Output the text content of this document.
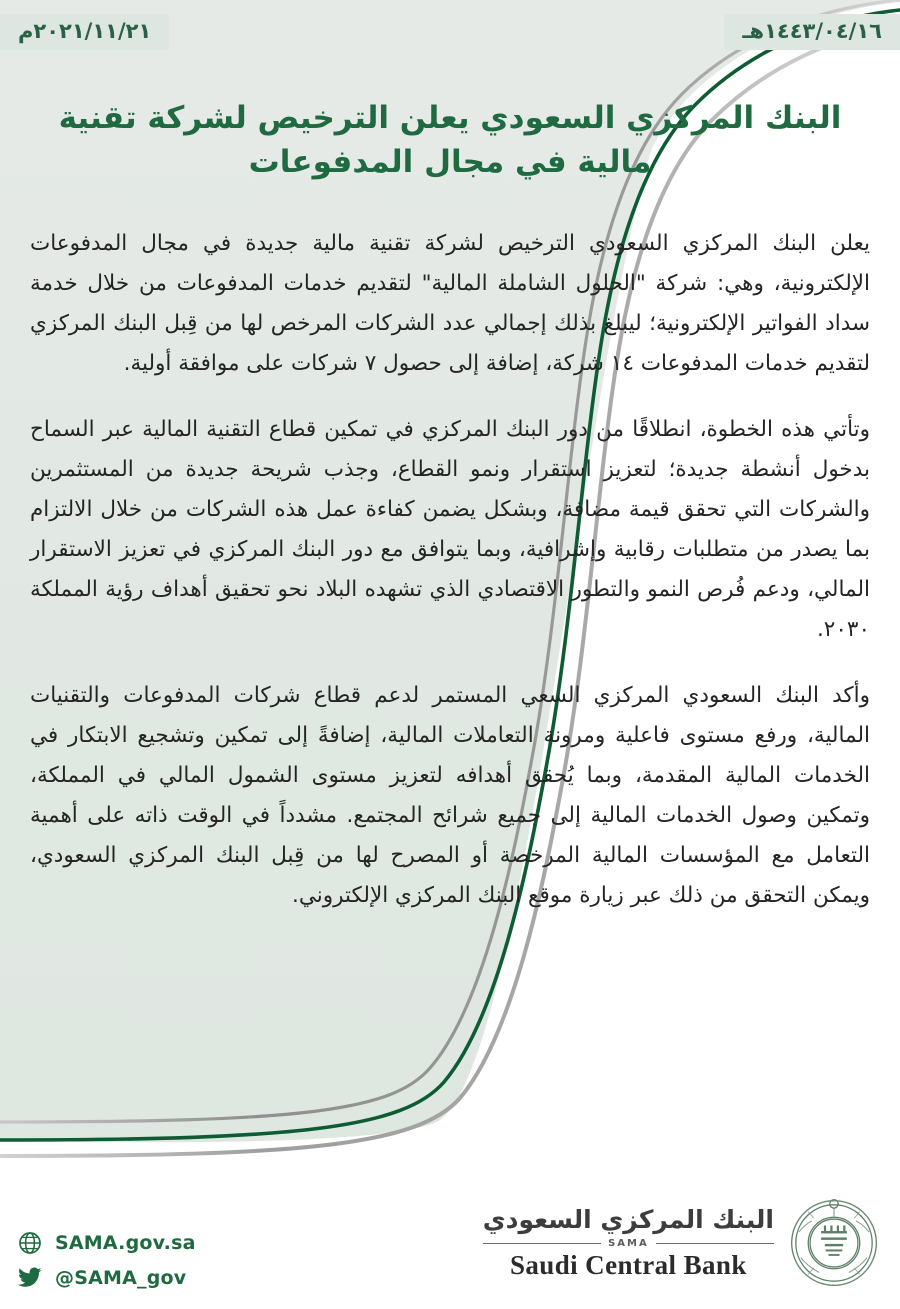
٢٠٢١/١١/٢١م	١٤٤٣/٠٤/١٦هـ
البنك المركزي السعودي يعلن الترخيص لشركة تقنية مالية في مجال المدفوعات

يعلن البنك المركزي السعودي الترخيص لشركة تقنية مالية جديدة في مجال المدفوعات الإلكترونية، وهي: شركة "الحلول الشاملة المالية" لتقديم خدمات المدفوعات من خلال خدمة سداد الفواتير الإلكترونية؛ ليبلغ بذلك إجمالي عدد الشركات المرخص لها من قِبل البنك المركزي لتقديم خدمات المدفوعات ١٤ شركة، إضافة إلى حصول ٧ شركات على موافقة أولية.

وتأتي هذه الخطوة، انطلاقًا من دور البنك المركزي في تمكين قطاع التقنية المالية عبر السماح بدخول أنشطة جديدة؛ لتعزيز استقرار ونمو القطاع، وجذب شريحة جديدة من المستثمرين والشركات التي تحقق قيمة مضافة، وبشكل يضمن كفاءة عمل هذه الشركات من خلال الالتزام بما يصدر من متطلبات رقابية وإشرافية، وبما يتوافق مع دور البنك المركزي في تعزيز الاستقرار المالي، ودعم فُرص النمو والتطور الاقتصادي الذي تشهده البلاد نحو تحقيق أهداف رؤية المملكة ٢٠٣٠.

وأكد البنك السعودي المركزي السعي المستمر لدعم قطاع شركات المدفوعات والتقنيات المالية، ورفع مستوى فاعلية ومرونة التعاملات المالية، إضافةً إلى تمكين وتشجيع الابتكار في الخدمات المالية المقدمة، وبما يُحقق أهدافه لتعزيز مستوى الشمول المالي في المملكة، وتمكين وصول الخدمات المالية إلى جميع شرائح المجتمع. مشدداً في الوقت ذاته على أهمية التعامل مع المؤسسات المالية المرخصة أو المصرح لها من قِبل البنك المركزي السعودي، ويمكن التحقق من ذلك عبر زيارة موقع البنك المركزي الإلكتروني.

SAMA.gov.sa
@SAMA_gov
البنك المركزي السعودي
SAMA
Saudi Central Bank
